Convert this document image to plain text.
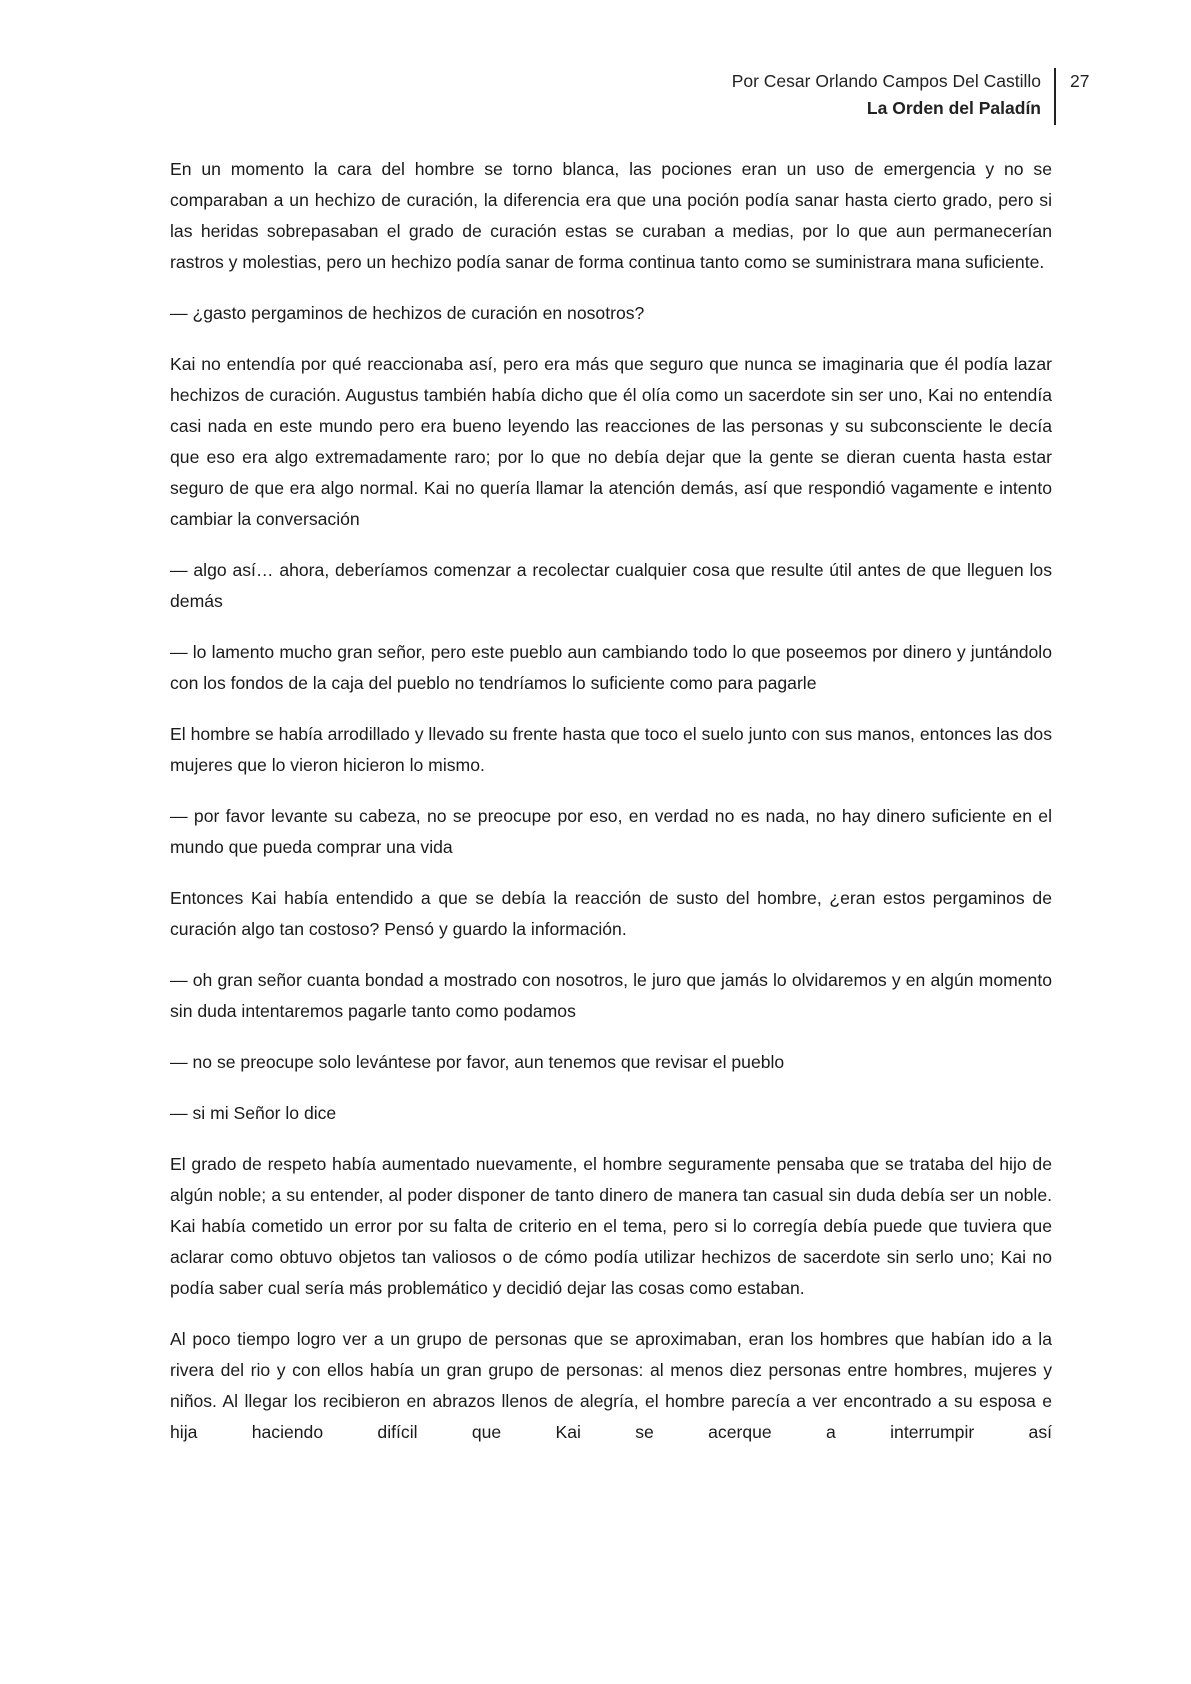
Por Cesar Orlando Campos Del Castillo
La Orden del Paladín
27

En un momento la cara del hombre se torno blanca, las pociones eran un uso de emergencia y no se comparaban a un hechizo de curación, la diferencia era que una poción podía sanar hasta cierto grado, pero si las heridas sobrepasaban el grado de curación estas se curaban a medias, por lo que aun permanecerían rastros y molestias, pero un hechizo podía sanar de forma continua tanto como se suministrara mana suficiente.

— ¿gasto pergaminos de hechizos de curación en nosotros?

Kai no entendía por qué reaccionaba así, pero era más que seguro que nunca se imaginaria que él podía lazar hechizos de curación. Augustus también había dicho que él olía como un sacerdote sin ser uno, Kai no entendía casi nada en este mundo pero era bueno leyendo las reacciones de las personas y su subconsciente le decía que eso era algo extremadamente raro; por lo que no debía dejar que la gente se dieran cuenta hasta estar seguro de que era algo normal. Kai no quería llamar la atención demás, así que respondió vagamente e intento cambiar la conversación

— algo así… ahora, deberíamos comenzar a recolectar cualquier cosa que resulte útil antes de que lleguen los demás

— lo lamento mucho gran señor, pero este pueblo aun cambiando todo lo que poseemos por dinero y juntándolo con los fondos de la caja del pueblo no tendríamos lo suficiente como para pagarle

El hombre se había arrodillado y llevado su frente hasta que toco el suelo junto con sus manos, entonces las dos mujeres que lo vieron hicieron lo mismo.

— por favor levante su cabeza, no se preocupe por eso, en verdad no es nada, no hay dinero suficiente en el mundo que pueda comprar una vida

Entonces Kai había entendido a que se debía la reacción de susto del hombre, ¿eran estos pergaminos de curación algo tan costoso? Pensó y guardo la información.

— oh gran señor cuanta bondad a mostrado con nosotros, le juro que jamás lo olvidaremos y en algún momento sin duda intentaremos pagarle tanto como podamos

— no se preocupe solo levántese por favor, aun tenemos que revisar el pueblo

— si mi Señor lo dice

El grado de respeto había aumentado nuevamente, el hombre seguramente pensaba que se trataba del hijo de algún noble; a su entender, al poder disponer de tanto dinero de manera tan casual sin duda debía ser un noble. Kai había cometido un error por su falta de criterio en el tema, pero si lo corregía debía puede que tuviera que aclarar como obtuvo objetos tan valiosos o de cómo podía utilizar hechizos de sacerdote sin serlo uno; Kai no podía saber cual sería más problemático y decidió dejar las cosas como estaban.

Al poco tiempo logro ver a un grupo de personas que se aproximaban, eran los hombres que habían ido a la rivera del rio y con ellos había un gran grupo de personas: al menos diez personas entre hombres, mujeres y niños. Al llegar los recibieron en abrazos llenos de alegría, el hombre parecía a ver encontrado a su esposa e hija haciendo difícil que Kai se acerque a interrumpir así
